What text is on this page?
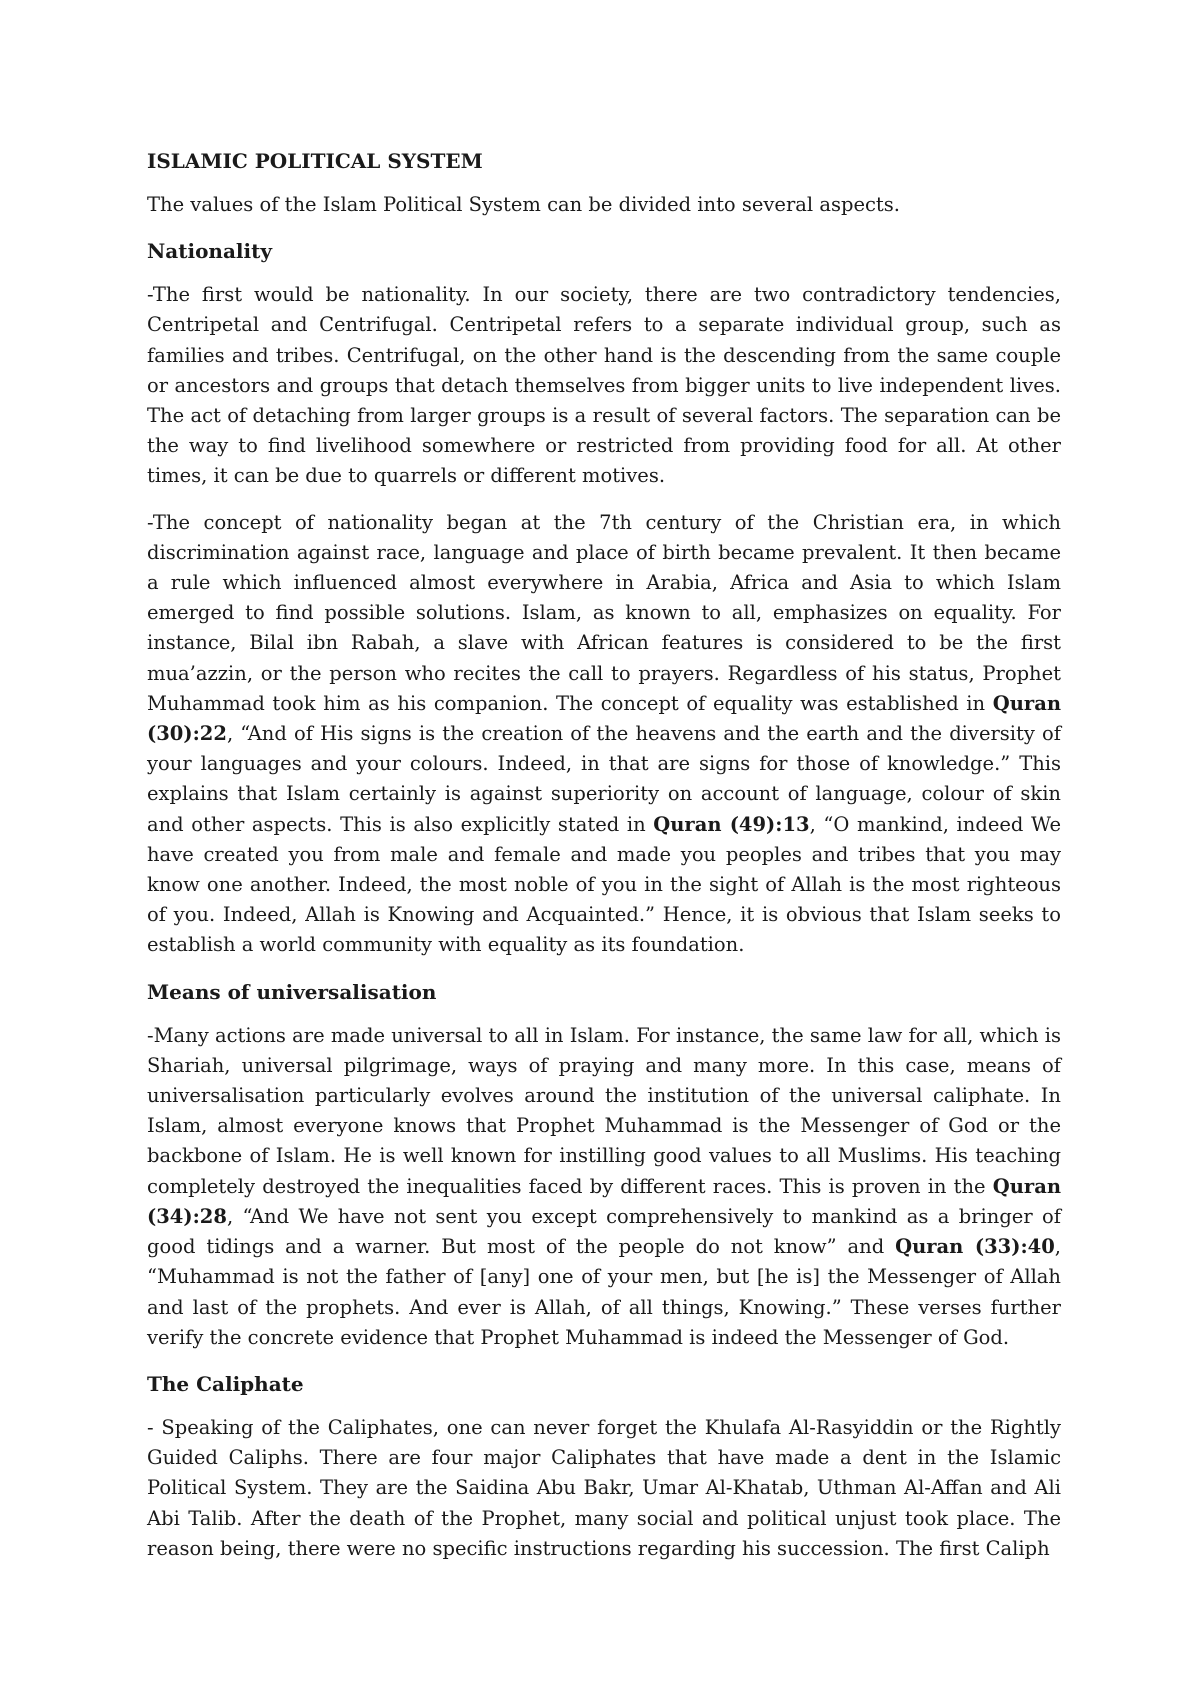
ISLAMIC POLITICAL SYSTEM

The values of the Islam Political System can be divided into several aspects.

Nationality

-The first would be nationality. In our society, there are two contradictory tendencies, Centripetal and Centrifugal. Centripetal refers to a separate individual group, such as families and tribes. Centrifugal, on the other hand is the descending from the same couple or ancestors and groups that detach themselves from bigger units to live independent lives. The act of detaching from larger groups is a result of several factors. The separation can be the way to find livelihood somewhere or restricted from providing food for all. At other times, it can be due to quarrels or different motives.

-The concept of nationality began at the 7th century of the Christian era, in which discrimination against race, language and place of birth became prevalent. It then became a rule which influenced almost everywhere in Arabia, Africa and Asia to which Islam emerged to find possible solutions. Islam, as known to all, emphasizes on equality. For instance, Bilal ibn Rabah, a slave with African features is considered to be the first mua’azzin, or the person who recites the call to prayers. Regardless of his status, Prophet Muhammad took him as his companion. The concept of equality was established in Quran (30):22, “And of His signs is the creation of the heavens and the earth and the diversity of your languages and your colours. Indeed, in that are signs for those of knowledge.” This explains that Islam certainly is against superiority on account of language, colour of skin and other aspects. This is also explicitly stated in Quran (49):13, “O mankind, indeed We have created you from male and female and made you peoples and tribes that you may know one another. Indeed, the most noble of you in the sight of Allah is the most righteous of you. Indeed, Allah is Knowing and Acquainted.” Hence, it is obvious that Islam seeks to establish a world community with equality as its foundation.

Means of universalisation

-Many actions are made universal to all in Islam. For instance, the same law for all, which is Shariah, universal pilgrimage, ways of praying and many more. In this case, means of universalisation particularly evolves around the institution of the universal caliphate. In Islam, almost everyone knows that Prophet Muhammad is the Messenger of God or the backbone of Islam. He is well known for instilling good values to all Muslims. His teaching completely destroyed the inequalities faced by different races. This is proven in the Quran (34):28, “And We have not sent you except comprehensively to mankind as a bringer of good tidings and a warner. But most of the people do not know” and Quran (33):40, “Muhammad is not the father of [any] one of your men, but [he is] the Messenger of Allah and last of the prophets. And ever is Allah, of all things, Knowing.” These verses further verify the concrete evidence that Prophet Muhammad is indeed the Messenger of God.

The Caliphate

- Speaking of the Caliphates, one can never forget the Khulafa Al-Rasyiddin or the Rightly Guided Caliphs. There are four major Caliphates that have made a dent in the Islamic Political System. They are the Saidina Abu Bakr, Umar Al-Khatab, Uthman Al-Affan and Ali Abi Talib. After the death of the Prophet, many social and political unjust took place. The reason being, there were no specific instructions regarding his succession. The first Caliph
